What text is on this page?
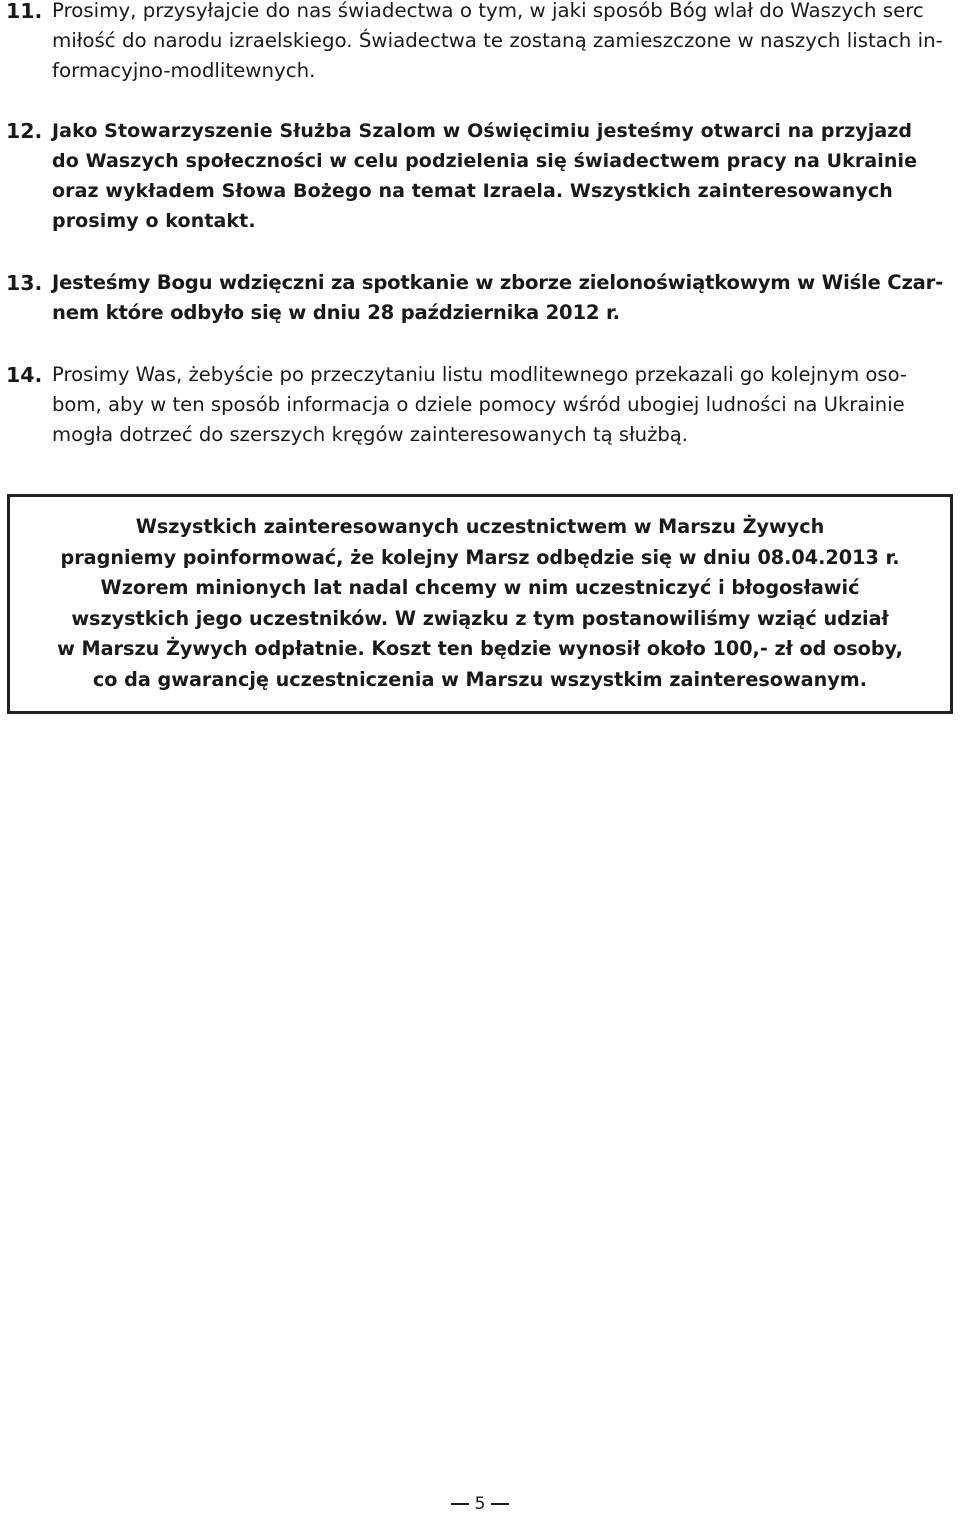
11. Prosimy, przysyłajcie do nas świadectwa o tym, w jaki sposób Bóg wlał do Waszych serc
miłość do narodu izraelskiego. Świadectwa te zostaną zamieszczone w naszych listach in-
formacyjno-modlitewnych.
12. Jako Stowarzyszenie Służba Szalom w Oświęcimiu jesteśmy otwarci na przyjazd
do Waszych społeczności w celu podzielenia się świadectwem pracy na Ukrainie
oraz wykładem Słowa Bożego na temat Izraela. Wszystkich zainteresowanych
prosimy o kontakt.
13. Jesteśmy Bogu wdzięczni za spotkanie w zborze zielonoświątkowym w Wiśle Czar-
nem które odbyło się w dniu 28 października 2012 r.
14. Prosimy Was, żebyście po przeczytaniu listu modlitewnego przekazali go kolejnym oso-
bom, aby w ten sposób informacja o dziele pomocy wśród ubogiej ludności na Ukrainie
mogła dotrzeć do szerszych kręgów zainteresowanych tą służbą.
Wszystkich zainteresowanych uczestnictwem w Marszu Żywych
pragniemy poinformować, że kolejny Marsz odbędzie się w dniu 08.04.2013 r.
Wzorem minionych lat nadal chcemy w nim uczestniczyć i błogosławić
wszystkich jego uczestników. W związku z tym postanowiliśmy wziąć udział
w Marszu Żywych odpłatnie. Koszt ten będzie wynosił około 100,- zł od osoby,
co da gwarancję uczestniczenia w Marszu wszystkim zainteresowanym.
5
